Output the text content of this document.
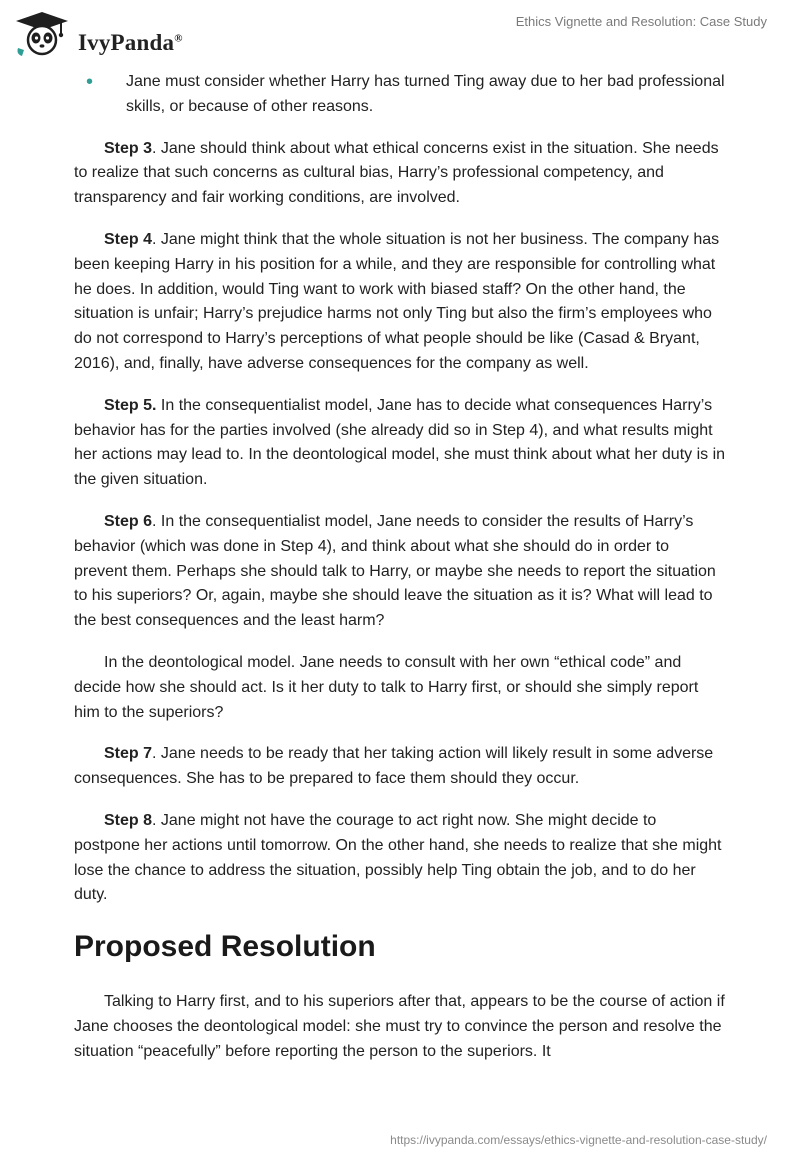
IvyPanda®
Ethics Vignette and Resolution: Case Study
•	Jane must consider whether Harry has turned Ting away due to her bad professional skills, or because of other reasons.

Step 3. Jane should think about what ethical concerns exist in the situation. She needs to realize that such concerns as cultural bias, Harry’s professional competency, and transparency and fair working conditions, are involved.

Step 4. Jane might think that the whole situation is not her business. The company has been keeping Harry in his position for a while, and they are responsible for controlling what he does. In addition, would Ting want to work with biased staff? On the other hand, the situation is unfair; Harry’s prejudice harms not only Ting but also the firm’s employees who do not correspond to Harry’s perceptions of what people should be like (Casad & Bryant, 2016), and, finally, have adverse consequences for the company as well.

Step 5. In the consequentialist model, Jane has to decide what consequences Harry’s behavior has for the parties involved (she already did so in Step 4), and what results might her actions may lead to. In the deontological model, she must think about what her duty is in the given situation.

Step 6. In the consequentialist model, Jane needs to consider the results of Harry’s behavior (which was done in Step 4), and think about what she should do in order to prevent them. Perhaps she should talk to Harry, or maybe she needs to report the situation to his superiors? Or, again, maybe she should leave the situation as it is? What will lead to the best consequences and the least harm?

In the deontological model. Jane needs to consult with her own “ethical code” and decide how she should act. Is it her duty to talk to Harry first, or should she simply report him to the superiors?

Step 7. Jane needs to be ready that her taking action will likely result in some adverse consequences. She has to be prepared to face them should they occur.

Step 8. Jane might not have the courage to act right now. She might decide to postpone her actions until tomorrow. On the other hand, she needs to realize that she might lose the chance to address the situation, possibly help Ting obtain the job, and to do her duty.

Proposed Resolution

Talking to Harry first, and to his superiors after that, appears to be the course of action if Jane chooses the deontological model: she must try to convince the person and resolve the situation “peacefully” before reporting the person to the superiors. It

https://ivypanda.com/essays/ethics-vignette-and-resolution-case-study/
